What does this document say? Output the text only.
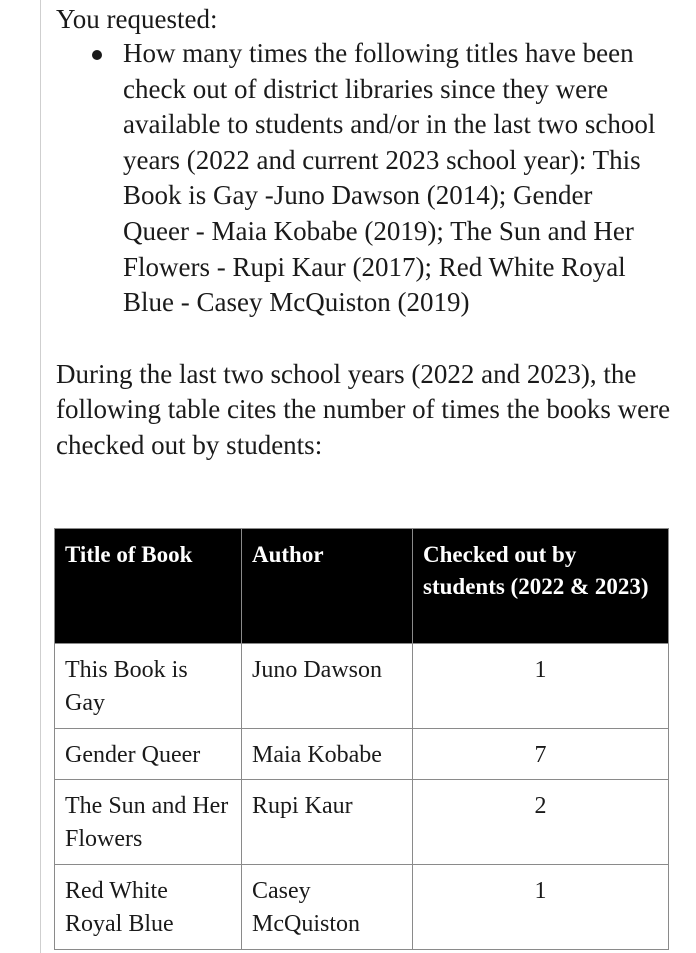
You requested:

How many times the following titles have been check out of district libraries since they were available to students and/or in the last two school years (2022 and current 2023 school year): This Book is Gay -Juno Dawson (2014); Gender Queer - Maia Kobabe (2019); The Sun and Her Flowers - Rupi Kaur (2017); Red White Royal Blue - Casey McQuiston (2019)

During the last two school years (2022 and 2023), the following table cites the number of times the books were checked out by students:

Title of Book	Author	Checked out by students (2022 & 2023)
This Book is Gay	Juno Dawson	1
Gender Queer	Maia Kobabe	7
The Sun and Her Flowers	Rupi Kaur	2
Red White Royal Blue	Casey McQuiston	1
